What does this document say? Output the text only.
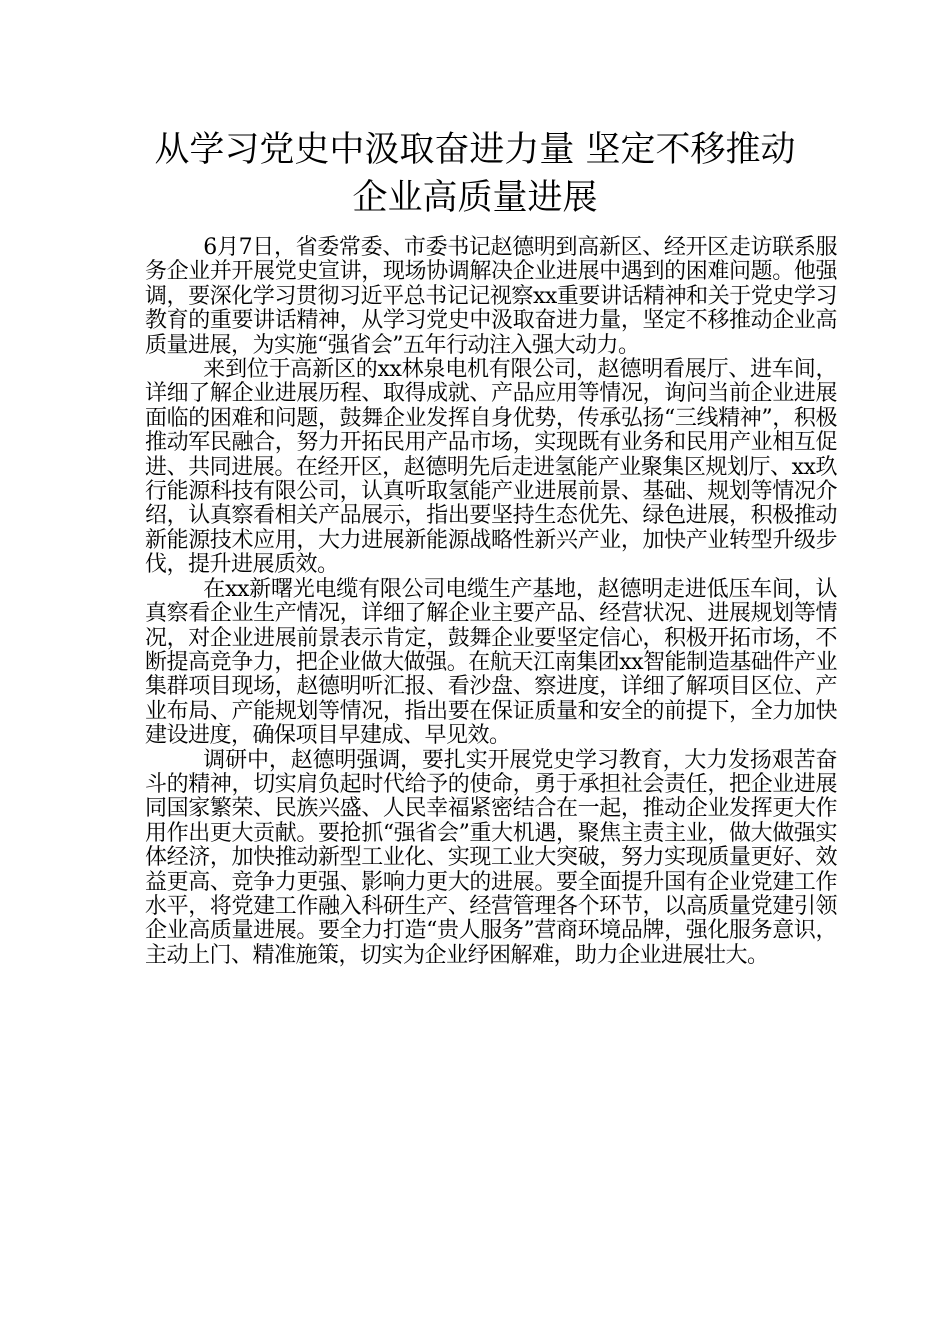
从学习党史中汲取奋进力量 坚定不移推动
企业高质量进展

6月7日，省委常委、市委书记赵德明到高新区、经开区走访联系服务企业并开展党史宣讲，现场协调解决企业进展中遇到的困难问题。他强调，要深化学习贯彻习近平总书记记视察xx重要讲话精神和关于党史学习教育的重要讲话精神，从学习党史中汲取奋进力量，坚定不移推动企业高质量进展，为实施“强省会”五年行动注入强大动力。

来到位于高新区的xx林泉电机有限公司，赵德明看展厅、进车间，详细了解企业进展历程、取得成就、产品应用等情况，询问当前企业进展面临的困难和问题，鼓舞企业发挥自身优势，传承弘扬“三线精神”，积极推动军民融合，努力开拓民用产品市场，实现既有业务和民用产业相互促进、共同进展。在经开区，赵德明先后走进氢能产业聚集区规划厅、xx玖行能源科技有限公司，认真听取氢能产业进展前景、基础、规划等情况介绍，认真察看相关产品展示，指出要坚持生态优先、绿色进展，积极推动新能源技术应用，大力进展新能源战略性新兴产业，加快产业转型升级步伐，提升进展质效。

在xx新曙光电缆有限公司电缆生产基地，赵德明走进低压车间，认真察看企业生产情况，详细了解企业主要产品、经营状况、进展规划等情况，对企业进展前景表示肯定，鼓舞企业要坚定信心，积极开拓市场，不断提高竞争力，把企业做大做强。在航天江南集团xx智能制造基础件产业集群项目现场，赵德明听汇报、看沙盘、察进度，详细了解项目区位、产业布局、产能规划等情况，指出要在保证质量和安全的前提下，全力加快建设进度，确保项目早建成、早见效。

调研中，赵德明强调，要扎实开展党史学习教育，大力发扬艰苦奋斗的精神，切实肩负起时代给予的使命，勇于承担社会责任，把企业进展同国家繁荣、民族兴盛、人民幸福紧密结合在一起，推动企业发挥更大作用作出更大贡献。要抢抓“强省会”重大机遇，聚焦主责主业，做大做强实体经济，加快推动新型工业化、实现工业大突破，努力实现质量更好、效益更高、竞争力更强、影响力更大的进展。要全面提升国有企业党建工作水平，将党建工作融入科研生产、经营管理各个环节，以高质量党建引领企业高质量进展。要全力打造“贵人服务”营商环境品牌，强化服务意识，主动上门、精准施策，切实为企业纾困解难，助力企业进展壮大。
